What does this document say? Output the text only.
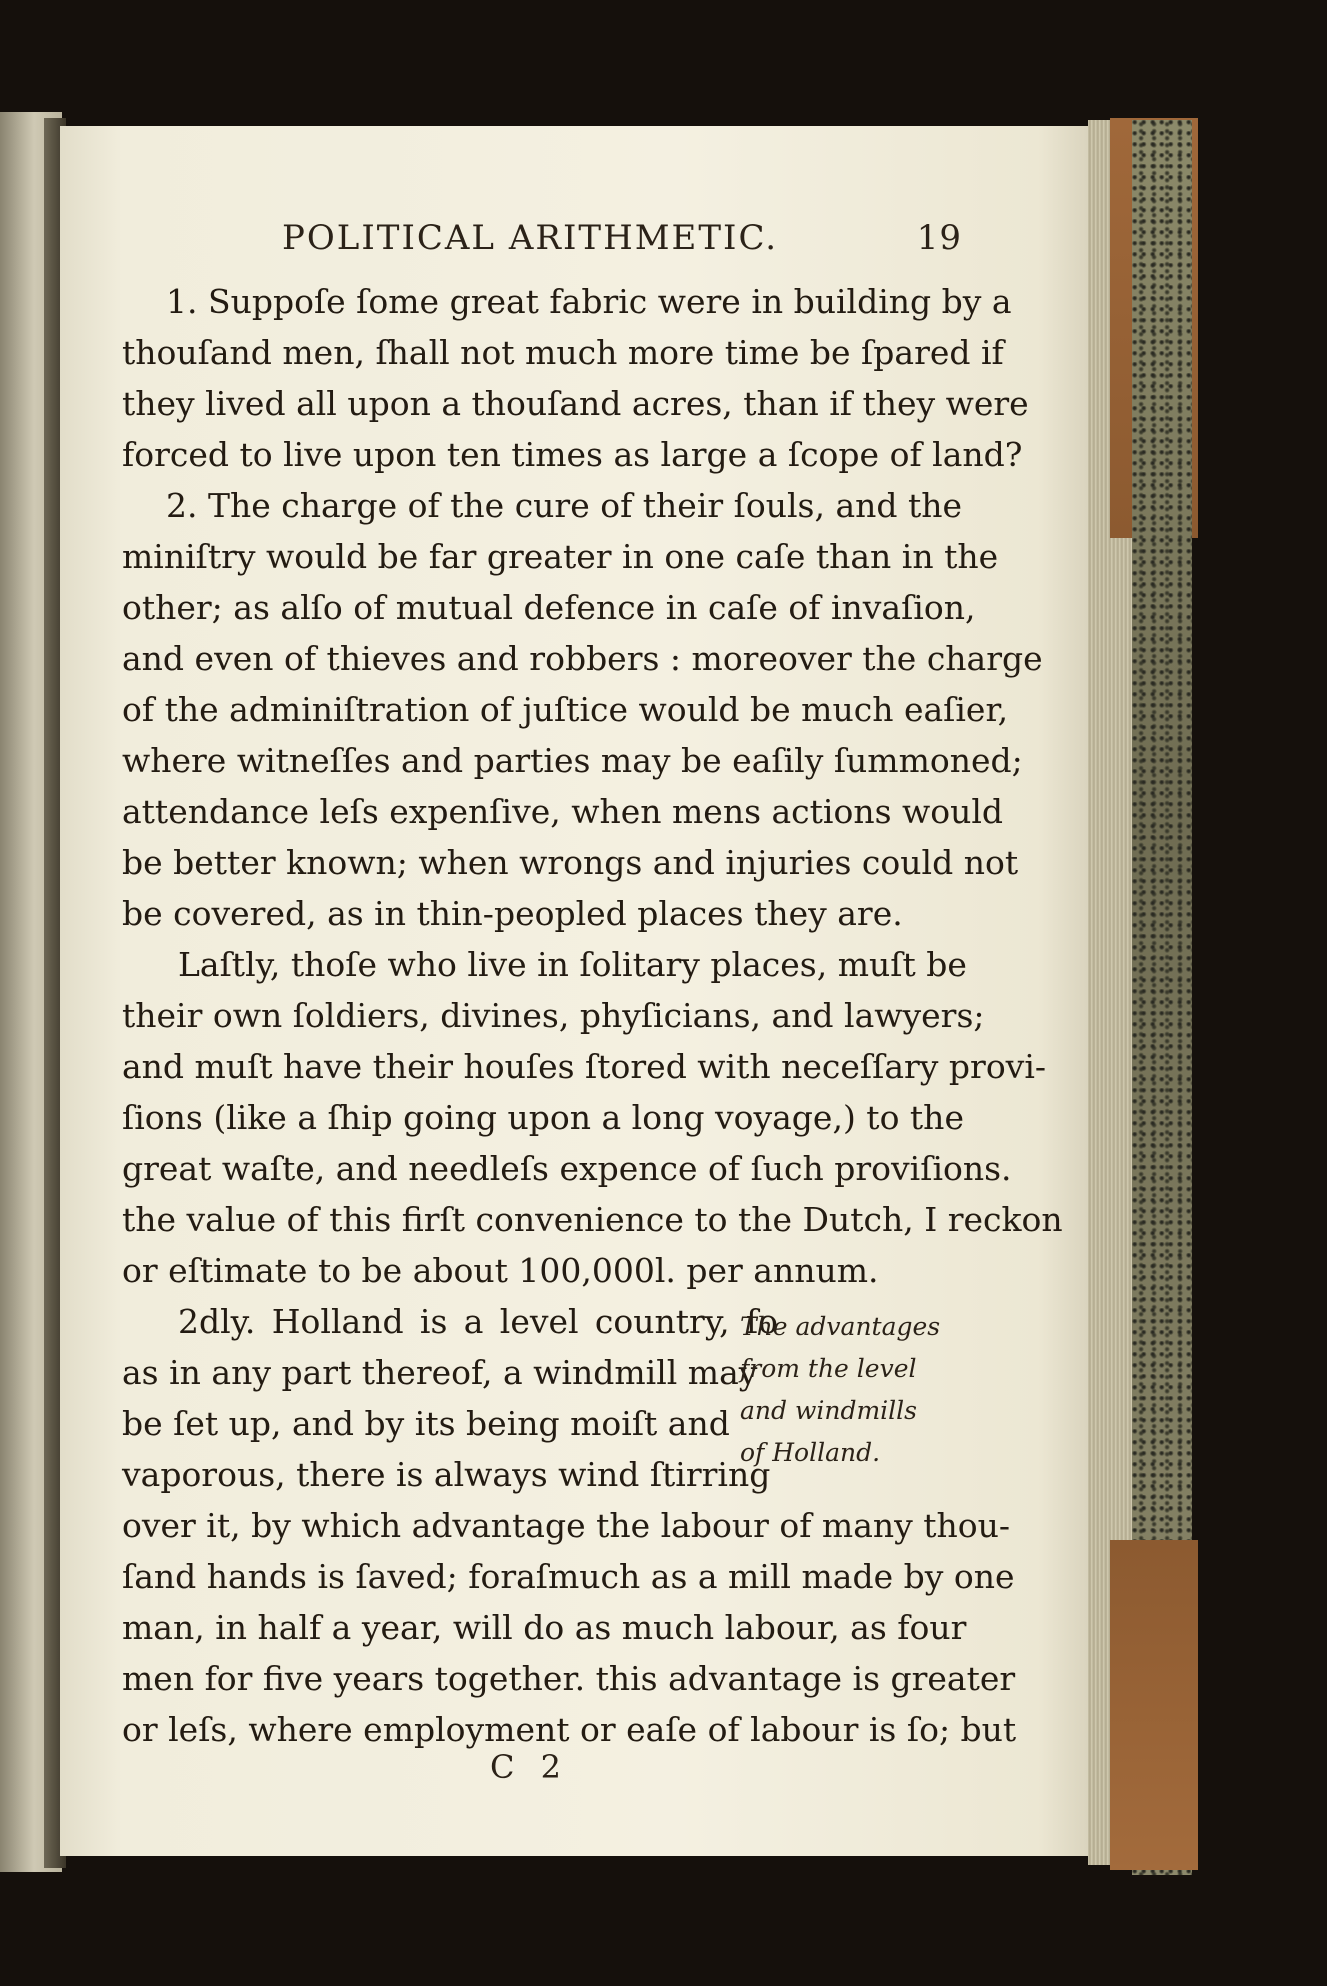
POLITICAL ARITHMETIC.	19

1. Suppoſe ſome great fabric were in building by a
thouſand men, ſhall not much more time be ſpared if
they lived all upon a thouſand acres, than if they were
forced to live upon ten times as large a ſcope of land?

2. The charge of the cure of their ſouls, and the
miniſtry would be far greater in one caſe than in the
other; as alſo of mutual defence in caſe of invaſion,
and even of thieves and robbers : moreover the charge
of the adminiſtration of juſtice would be much eaſier,
where witneſſes and parties may be eaſily ſummoned;
attendance leſs expenſive, when mens actions would
be better known; when wrongs and injuries could not
be covered, as in thin-peopled places they are.

Laſtly, thoſe who live in ſolitary places, muſt be
their own ſoldiers, divines, phyſicians, and lawyers;
and muſt have their houſes ſtored with neceſſary provi-
ſions (like a ſhip going upon a long voyage,) to the
great waſte, and needleſs expence of ſuch proviſions.
the value of this firſt convenience to the Dutch, I reckon
or eſtimate to be about 100,000l. per annum.

2dly. Holland is a level country, ſo
as in any part thereof, a windmill may
be ſet up, and by its being moiſt and
vaporous, there is always wind ſtirring
over it, by which advantage the labour of many thou-
ſand hands is ſaved; foraſmuch as a mill made by one
man, in half a year, will do as much labour, as four
men for five years together. this advantage is greater
or leſs, where employment or eaſe of labour is ſo; but
The advantages
from the level
and windmills
of Holland.

C 2
